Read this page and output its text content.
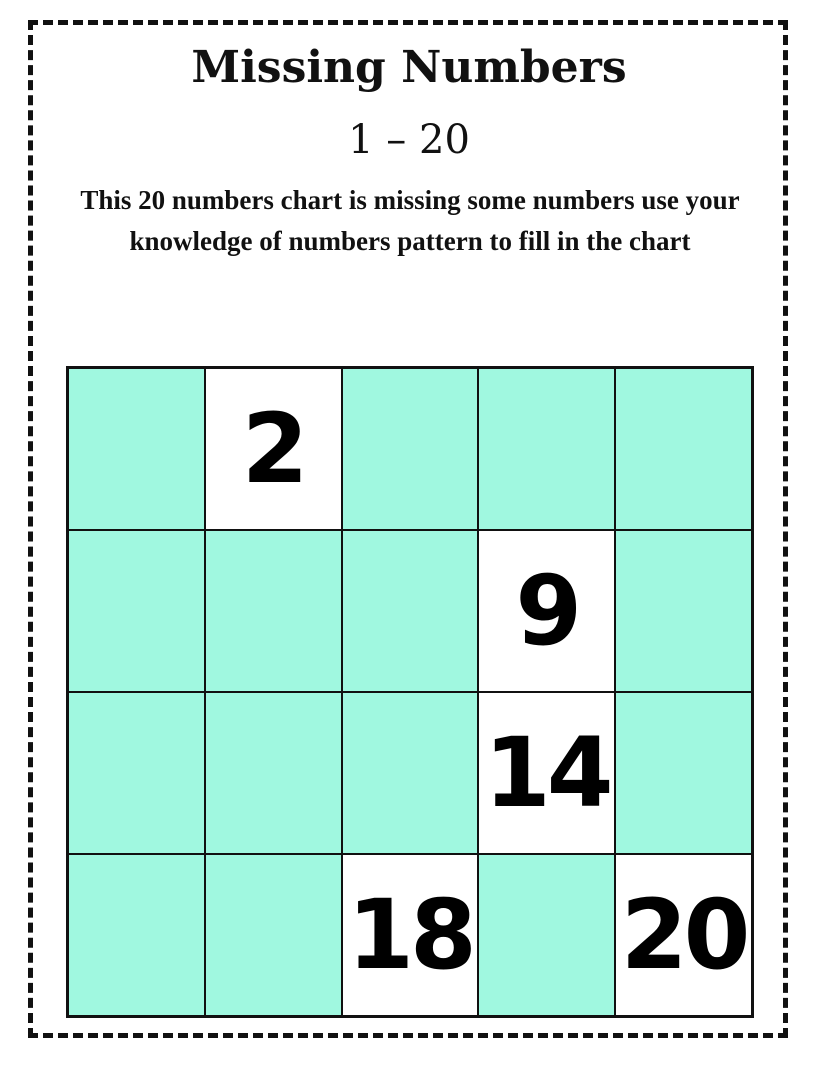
Missing Numbers
1 – 20
This 20 numbers chart is missing some numbers use your knowledge of numbers pattern to fill in the chart
2
9
14
18 20
